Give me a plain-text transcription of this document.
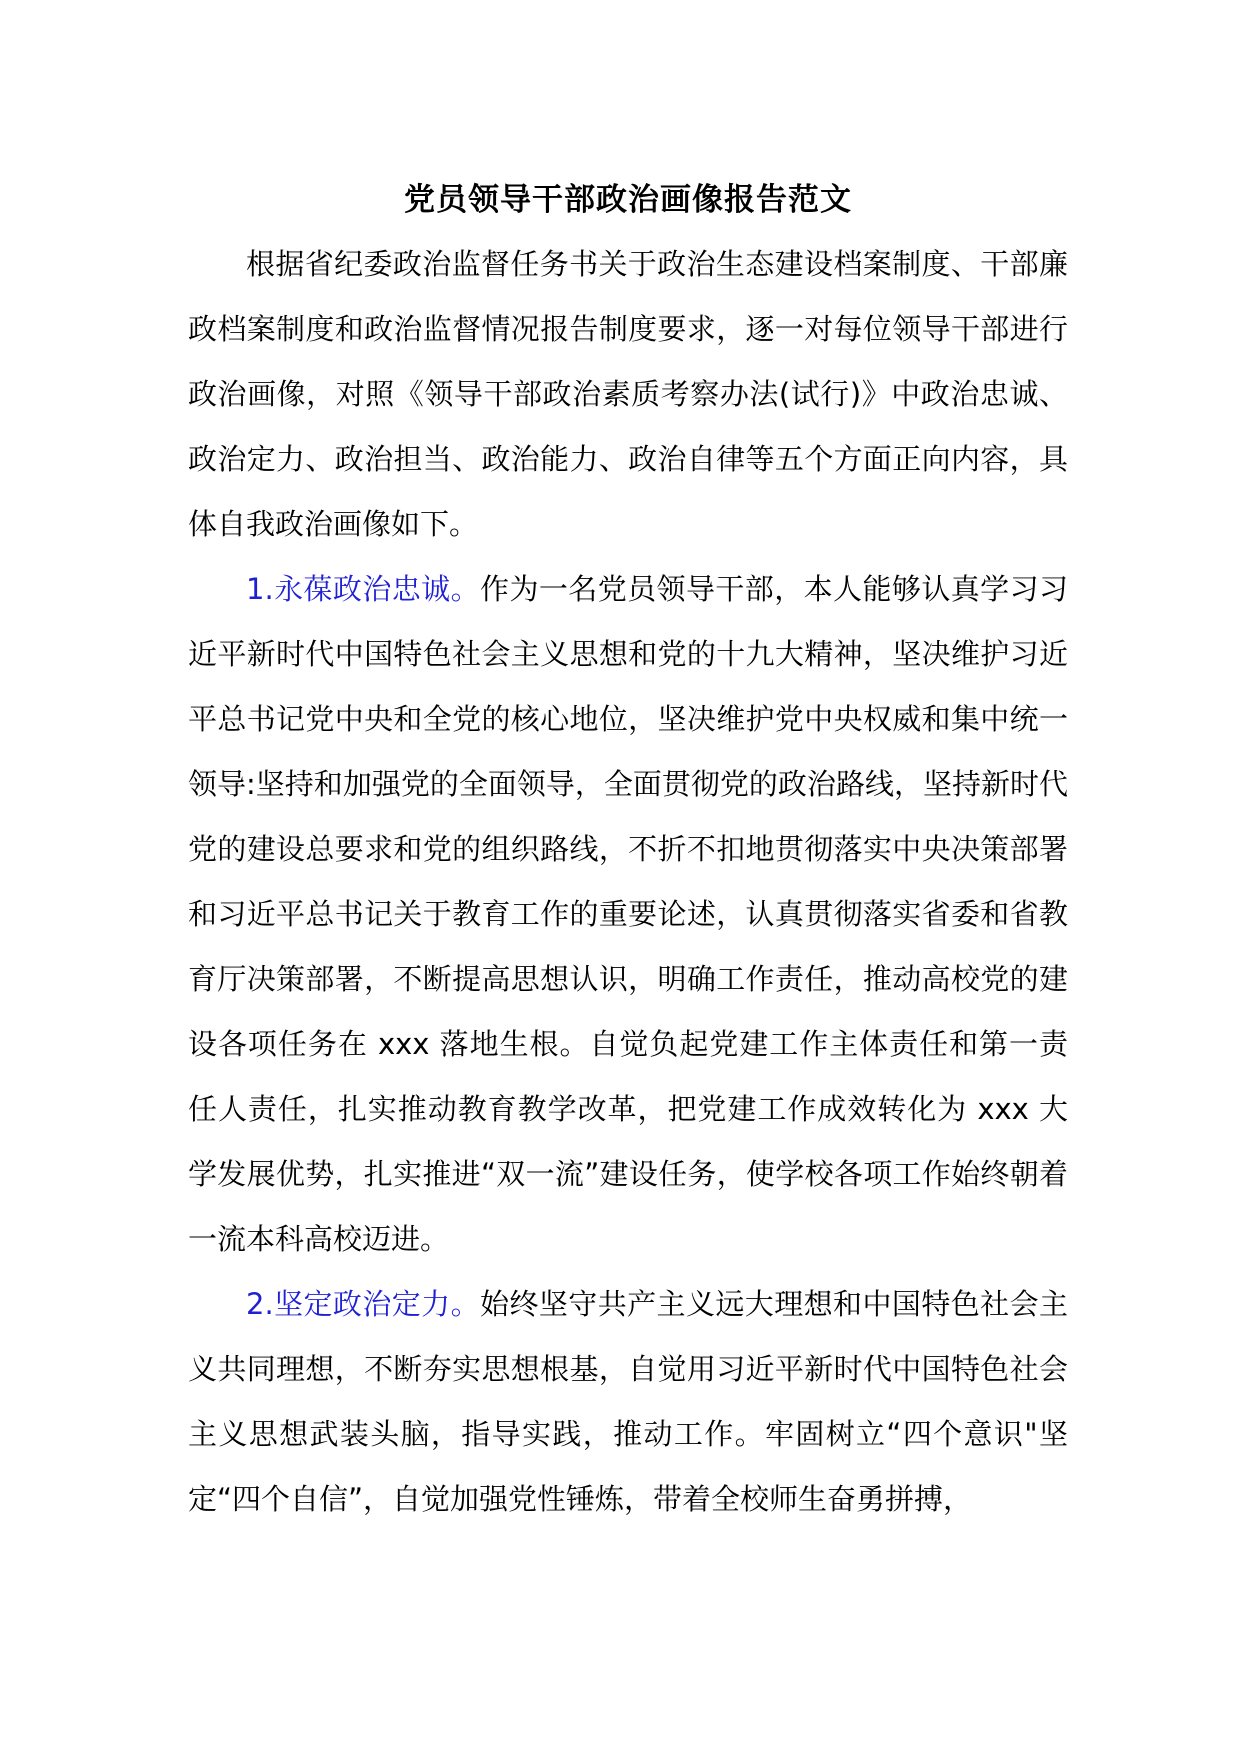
党员领导干部政治画像报告范文

根据省纪委政治监督任务书关于政治生态建设档案制度、干部廉政档案制度和政治监督情况报告制度要求，逐一对每位领导干部进行政治画像，对照《领导干部政治素质考察办法(试行)》中政治忠诚、政治定力、政治担当、政治能力、政治自律等五个方面正向内容，具体自我政治画像如下。

1.永葆政治忠诚。作为一名党员领导干部，本人能够认真学习习近平新时代中国特色社会主义思想和党的十九大精神，坚决维护习近平总书记党中央和全党的核心地位，坚决维护党中央权威和集中统一领导:坚持和加强党的全面领导，全面贯彻党的政治路线，坚持新时代党的建设总要求和党的组织路线，不折不扣地贯彻落实中央决策部署和习近平总书记关于教育工作的重要论述，认真贯彻落实省委和省教育厅决策部署，不断提高思想认识，明确工作责任，推动高校党的建设各项任务在 xxx 落地生根。自觉负起党建工作主体责任和第一责任人责任，扎实推动教育教学改革，把党建工作成效转化为 xxx 大学发展优势，扎实推进“双一流”建设任务，使学校各项工作始终朝着一流本科高校迈进。

2.坚定政治定力。始终坚守共产主义远大理想和中国特色社会主义共同理想，不断夯实思想根基，自觉用习近平新时代中国特色社会主义思想武装头脑，指导实践，推动工作。牢固树立“四个意识"坚定“四个自信”，自觉加强党性锤炼，带着全校师生奋勇拼搏，
